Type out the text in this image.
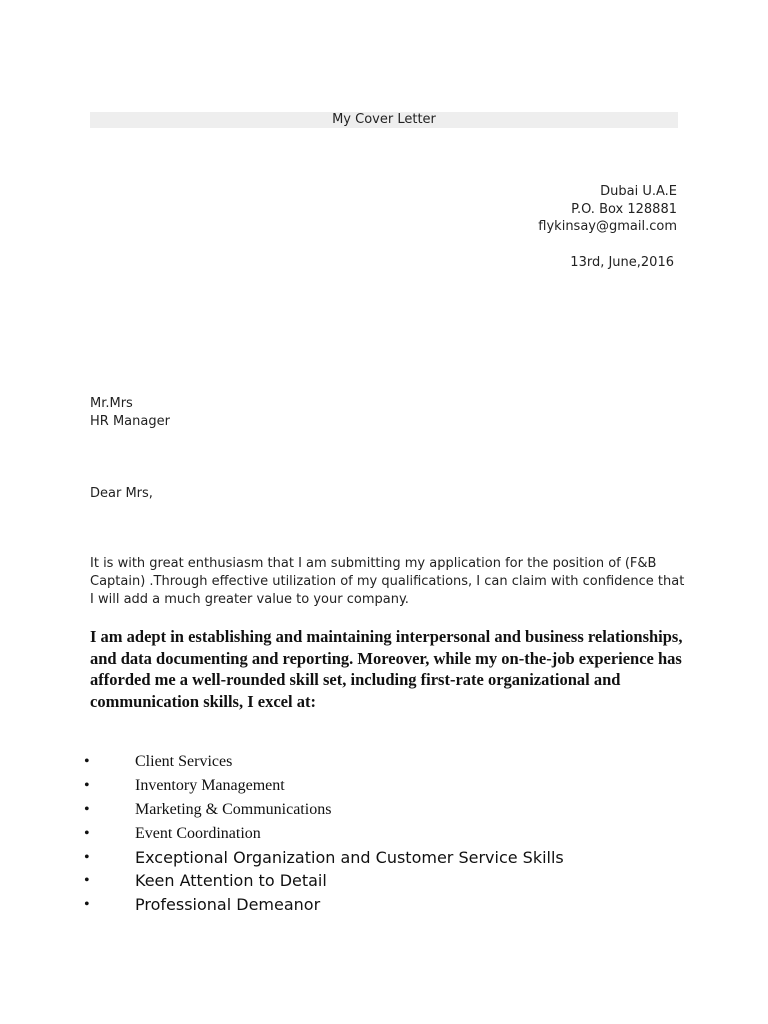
My Cover Letter
Dubai U.A.E
P.O. Box 128881
flykinsay@gmail.com
13rd, June,2016
Mr.Mrs
HR Manager
Dear Mrs,
It is with great enthusiasm that I am submitting my application for the position of (F&B Captain) .Through effective utilization of my qualifications, I can claim with confidence that I will add a much greater value to your company.
I am adept in establishing and maintaining interpersonal and business relationships, and data documenting and reporting. Moreover, while my on-the-job experience has afforded me a well-rounded skill set, including first-rate organizational and communication skills, I excel at:
•	Client Services
•	Inventory Management
•	Marketing & Communications
•	Event Coordination
•	Exceptional Organization and Customer Service Skills
•	Keen Attention to Detail
•	Professional Demeanor
